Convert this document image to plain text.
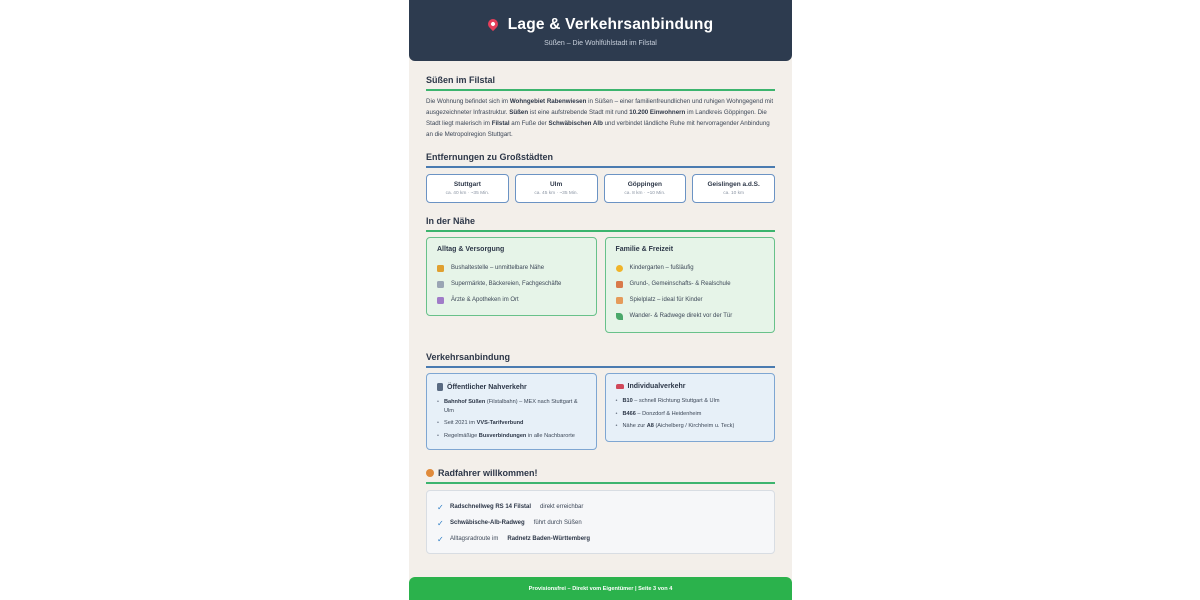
Lage & Verkehrsanbindung
Süßen – Die Wohlfühlstadt im Filstal
Süßen im Filstal

Die Wohnung befindet sich im Wohngebiet Rabenwiesen in Süßen – einer familienfreundlichen und ruhigen Wohngegend mit ausgezeichneter Infrastruktur. Süßen ist eine aufstrebende Stadt mit rund 10.200 Einwohnern im Landkreis Göppingen. Die Stadt liegt malerisch im Filstal am Fuße der Schwäbischen Alb und verbindet ländliche Ruhe mit hervorragender Anbindung an die Metropolregion Stuttgart.

Entfernungen zu Großstädten
Stuttgart
ca. 40 km · ~35 Min.
Ulm
ca. 45 km · ~35 Min.
Göppingen
ca. 8 km · ~10 Min.
Geislingen a.d.S.
ca. 10 km
In der Nähe
Alltag & Versorgung
Bushaltestelle – unmittelbare Nähe
Supermärkte, Bäckereien, Fachgeschäfte
Ärzte & Apotheken im Ort
Familie & Freizeit
Kindergarten – fußläufig
Grund-, Gemeinschafts- & Realschule
Spielplatz – ideal für Kinder
Wander- & Radwege direkt vor der Tür
Verkehrsanbindung
Öffentlicher Nahverkehr
• Bahnhof Süßen (Filstalbahn) – MEX nach Stuttgart & Ulm
• Seit 2021 im VVS-Tarifverbund
• Regelmäßige Busverbindungen in alle Nachbarorte
Individualverkehr
• B10 – schnell Richtung Stuttgart & Ulm
• B466 – Donzdorf & Heidenheim
• Nähe zur A8 (Aichelberg / Kirchheim u. Teck)
Radfahrer willkommen!
✓ Radschnellweg RS 14 Filstal direkt erreichbar
✓ Schwäbische-Alb-Radweg führt durch Süßen
✓ Alltagsradroute im Radnetz Baden-Württemberg
Provisionsfrei – Direkt vom Eigentümer | Seite 3 von 4
